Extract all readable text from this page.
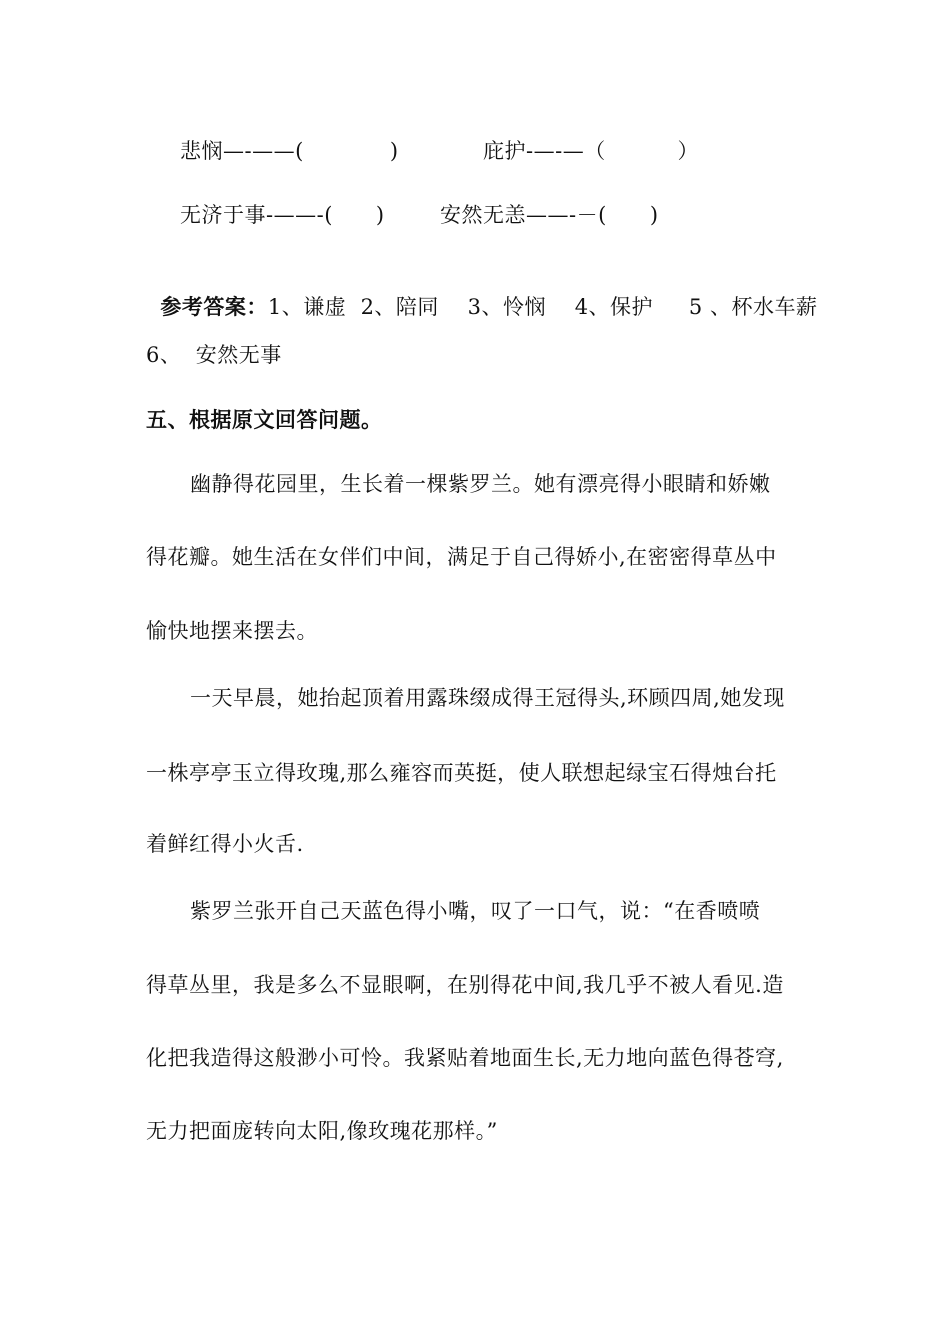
悲悯—-——(            )	庇护-—-—（          ）
无济于事-——-(      )	安然无恙——-－(      )

参考答案：1、谦虚  2、陪同    3、怜悯    4、保护     5 、杯水车薪

6、  安然无事
五、根据原文回答问题。
幽静得花园里，生长着一棵紫罗兰。她有漂亮得小眼睛和娇嫩
得花瓣。她生活在女伴们中间，满足于自己得娇小,在密密得草丛中
愉快地摆来摆去。
一天早晨，她抬起顶着用露珠缀成得王冠得头,环顾四周,她发现
一株亭亭玉立得玫瑰,那么雍容而英挺，使人联想起绿宝石得烛台托
着鲜红得小火舌.
紫罗兰张开自己天蓝色得小嘴，叹了一口气，说：“在香喷喷
得草丛里，我是多么不显眼啊，在别得花中间,我几乎不被人看见.造
化把我造得这般渺小可怜。我紧贴着地面生长,无力地向蓝色得苍穹,
无力把面庞转向太阳,像玫瑰花那样。”
